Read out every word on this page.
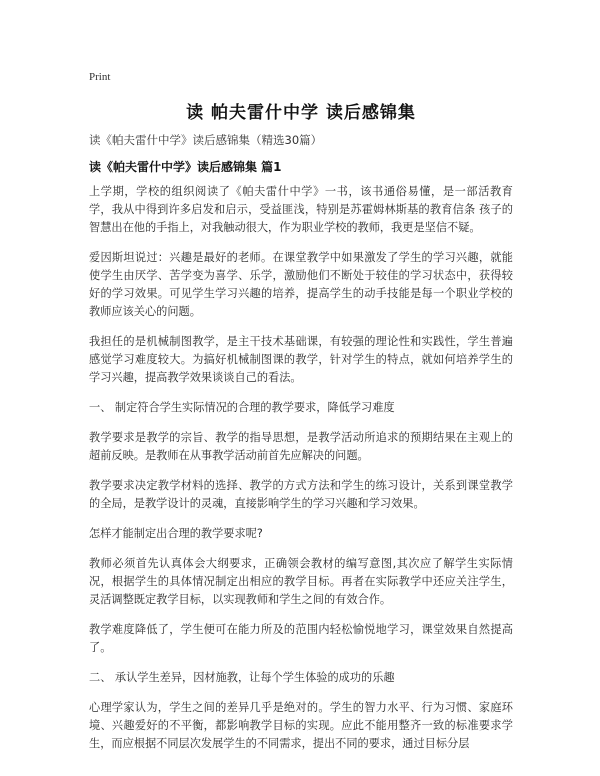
Print
读 帕夫雷什中学 读后感锦集
读《帕夫雷什中学》读后感锦集（精选30篇）
读《帕夫雷什中学》读后感锦集 篇1

上学期，学校的组织阅读了《帕夫雷什中学》一书，该书通俗易懂，是一部活教育学，我从中得到许多启发和启示，受益匪浅，特别是苏霍姆林斯基的教育信条 孩子的智慧出在他的手指上，对我触动很大，作为职业学校的教师，我更是坚信不疑。

爱因斯坦说过：兴趣是最好的老师。在课堂教学中如果激发了学生的学习兴趣，就能使学生由厌学、苦学变为喜学、乐学，激励他们不断处于较佳的学习状态中，获得较好的学习效果。可见学生学习兴趣的培养，提高学生的动手技能是每一个职业学校的教师应该关心的问题。

我担任的是机械制图教学，是主干技术基础课，有较强的理论性和实践性，学生普遍感觉学习难度较大。为搞好机械制图课的教学，针对学生的特点，就如何培养学生的学习兴趣，提高教学效果谈谈自己的看法。

一、 制定符合学生实际情况的合理的教学要求，降低学习难度

教学要求是教学的宗旨、教学的指导思想，是教学活动所追求的预期结果在主观上的超前反映。是教师在从事教学活动前首先应解决的问题。

教学要求决定教学材料的选择、教学的方式方法和学生的练习设计，关系到课堂教学的全局，是教学设计的灵魂，直接影响学生的学习兴趣和学习效果。

怎样才能制定出合理的教学要求呢?

教师必须首先认真体会大纲要求，正确领会教材的编写意图,其次应了解学生实际情况，根据学生的具体情况制定出相应的教学目标。再者在实际教学中还应关注学生，灵活调整既定教学目标，以实现教师和学生之间的有效合作。

教学难度降低了，学生便可在能力所及的范围内轻松愉悦地学习，课堂效果自然提高了。

二、 承认学生差异，因材施教，让每个学生体验的成功的乐趣

心理学家认为，学生之间的差异几乎是绝对的。学生的智力水平、行为习惯、家庭环境、兴趣爱好的不平衡，都影响教学目标的实现。应此不能用整齐一致的标准要求学生，而应根据不同层次发展学生的不同需求，提出不同的要求，通过目标分层
